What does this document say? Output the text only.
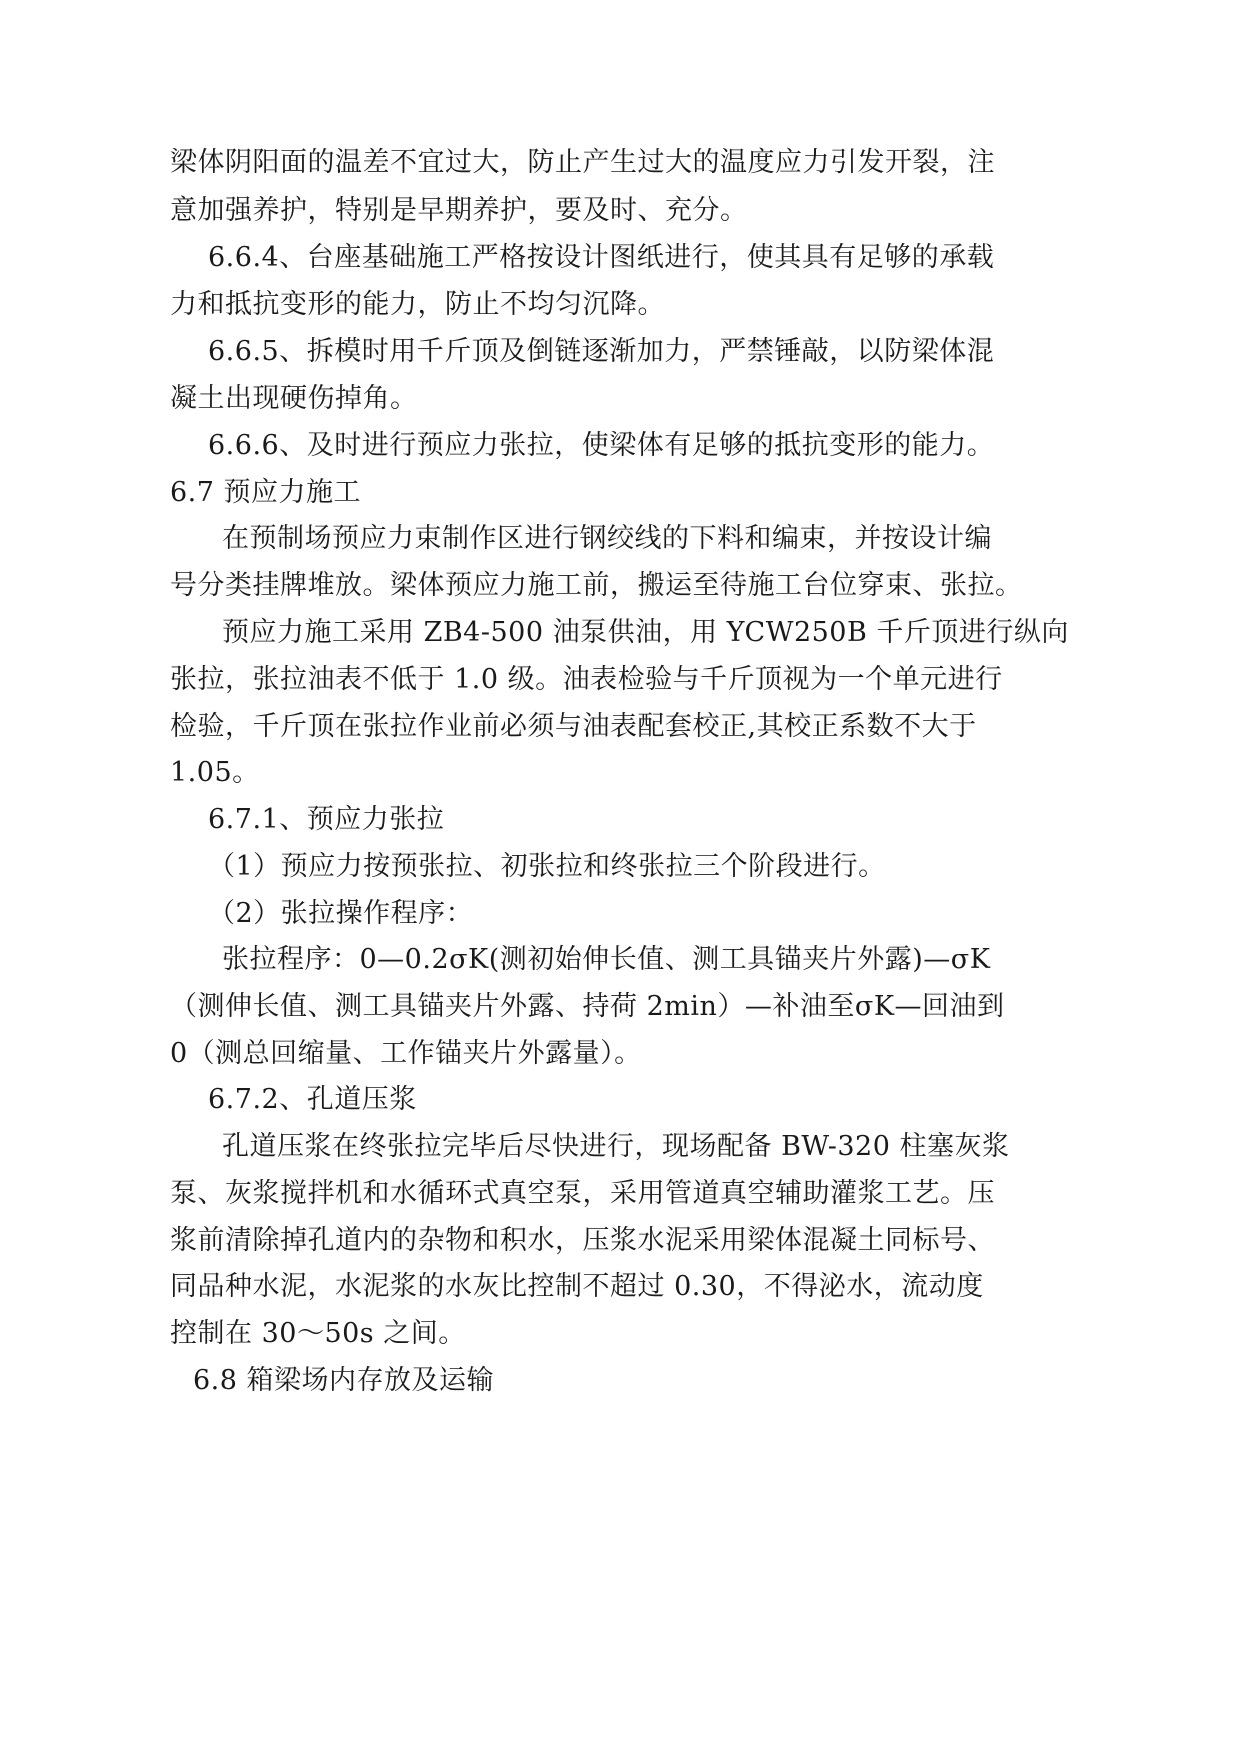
梁体阴阳面的温差不宜过大，防止产生过大的温度应力引发开裂，注
意加强养护，特别是早期养护，要及时、充分。
6.6.4、台座基础施工严格按设计图纸进行，使其具有足够的承载
力和抵抗变形的能力，防止不均匀沉降。
6.6.5、拆模时用千斤顶及倒链逐渐加力，严禁锤敲，以防梁体混
凝土出现硬伤掉角。
6.6.6、及时进行预应力张拉，使梁体有足够的抵抗变形的能力。
6.7 预应力施工
在预制场预应力束制作区进行钢绞线的下料和编束，并按设计编
号分类挂牌堆放。梁体预应力施工前，搬运至待施工台位穿束、张拉。
预应力施工采用 ZB4-500 油泵供油，用 YCW250B 千斤顶进行纵向
张拉，张拉油表不低于 1.0 级。油表检验与千斤顶视为一个单元进行
检验，千斤顶在张拉作业前必须与油表配套校正,其校正系数不大于
1.05。
6.7.1、预应力张拉
（1）预应力按预张拉、初张拉和终张拉三个阶段进行。
（2）张拉操作程序：
张拉程序：0—0.2σK(测初始伸长值、测工具锚夹片外露)—σK
（测伸长值、测工具锚夹片外露、持荷 2min）—补油至σK—回油到
0（测总回缩量、工作锚夹片外露量）。
6.7.2、孔道压浆
孔道压浆在终张拉完毕后尽快进行，现场配备 BW-320 柱塞灰浆
泵、灰浆搅拌机和水循环式真空泵，采用管道真空辅助灌浆工艺。压
浆前清除掉孔道内的杂物和积水，压浆水泥采用梁体混凝土同标号、
同品种水泥，水泥浆的水灰比控制不超过 0.30，不得泌水，流动度
控制在 30～50s 之间。
6.8 箱梁场内存放及运输
